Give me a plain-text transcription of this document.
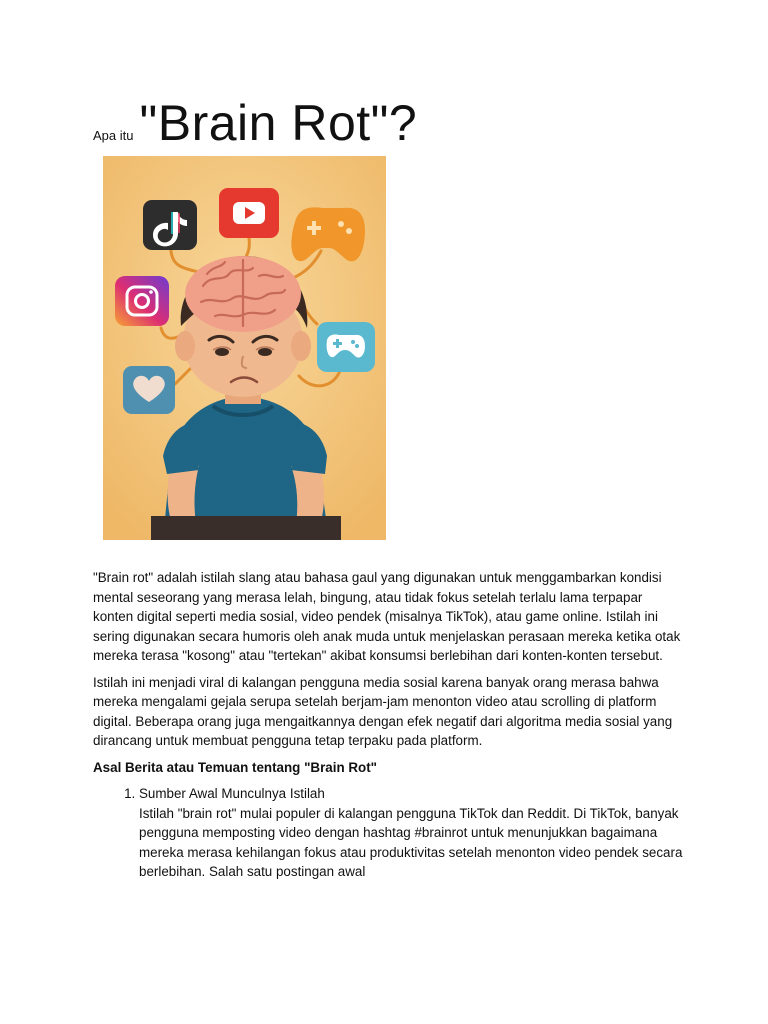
Apa itu "Brain Rot"?

"Brain rot" adalah istilah slang atau bahasa gaul yang digunakan untuk menggambarkan kondisi mental seseorang yang merasa lelah, bingung, atau tidak fokus setelah terlalu lama terpapar konten digital seperti media sosial, video pendek (misalnya TikTok), atau game online. Istilah ini sering digunakan secara humoris oleh anak muda untuk menjelaskan perasaan mereka ketika otak mereka terasa "kosong" atau "tertekan" akibat konsumsi berlebihan dari konten-konten tersebut.

Istilah ini menjadi viral di kalangan pengguna media sosial karena banyak orang merasa bahwa mereka mengalami gejala serupa setelah berjam-jam menonton video atau scrolling di platform digital. Beberapa orang juga mengaitkannya dengan efek negatif dari algoritma media sosial yang dirancang untuk membuat pengguna tetap terpaku pada platform.

Asal Berita atau Temuan tentang "Brain Rot"

1. Sumber Awal Munculnya Istilah
Istilah "brain rot" mulai populer di kalangan pengguna TikTok dan Reddit. Di TikTok, banyak pengguna memposting video dengan hashtag #brainrot untuk menunjukkan bagaimana mereka merasa kehilangan fokus atau produktivitas setelah menonton video pendek secara berlebihan. Salah satu postingan awal
